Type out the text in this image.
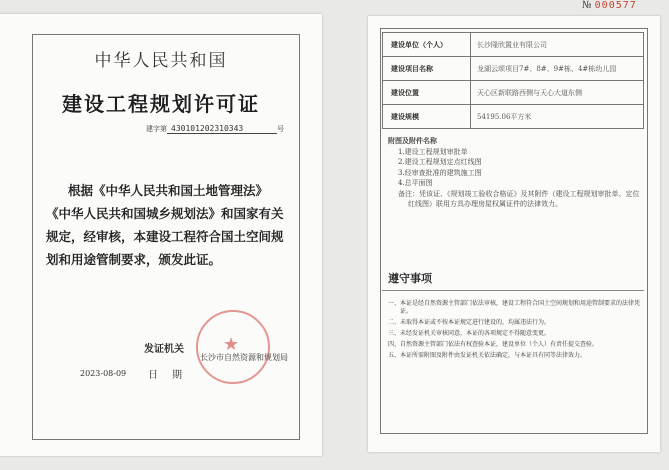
中华人民共和国
建设工程规划许可证
建字第 430101202310343	号
根据《中华人民共和国土地管理法》《中华人民共和国城乡规划法》和国家有关规定，经审核，本建设工程符合国土空间规划和用途管制要求，颁发此证。
★
发证机关
长沙市自然资源和规划局
日期
2023-08-09
№ 000577
建设单位（个人）	长沙隆欣置业有限公司
建设项目名称	龙湖云颂项目7#、8#、9#栋、4#栋幼儿园
建设位置	天心区新联路西侧与天心大道东侧
建设规模	54195.06平方米
附图及附件名称
1.建设工程规划审批单
2.建设工程规划定点红线图
3.经审查批准的建筑施工图
4.总平面图
备注：凭该证、《规划竣工验收合格证》及其附件（建设工程规划审批单、定位红线图）联用方具办理房屋权属证件的法律效力。
遵守事项
一、本证是经自然资源主管部门依法审核，建设工程符合国土空间规划和用途管制要求的法律凭证。
二、未取得本证或不按本证规定进行建设的，均属违法行为。
三、未经发证机关审核同意，本证的各项规定不得随意变更。
四、自然资源主管部门依法有权查验本证，建设单位（个人）有责任提交查验。
五、本证所需附图及附件由发证机关依法确定，与本证具有同等法律效力。
